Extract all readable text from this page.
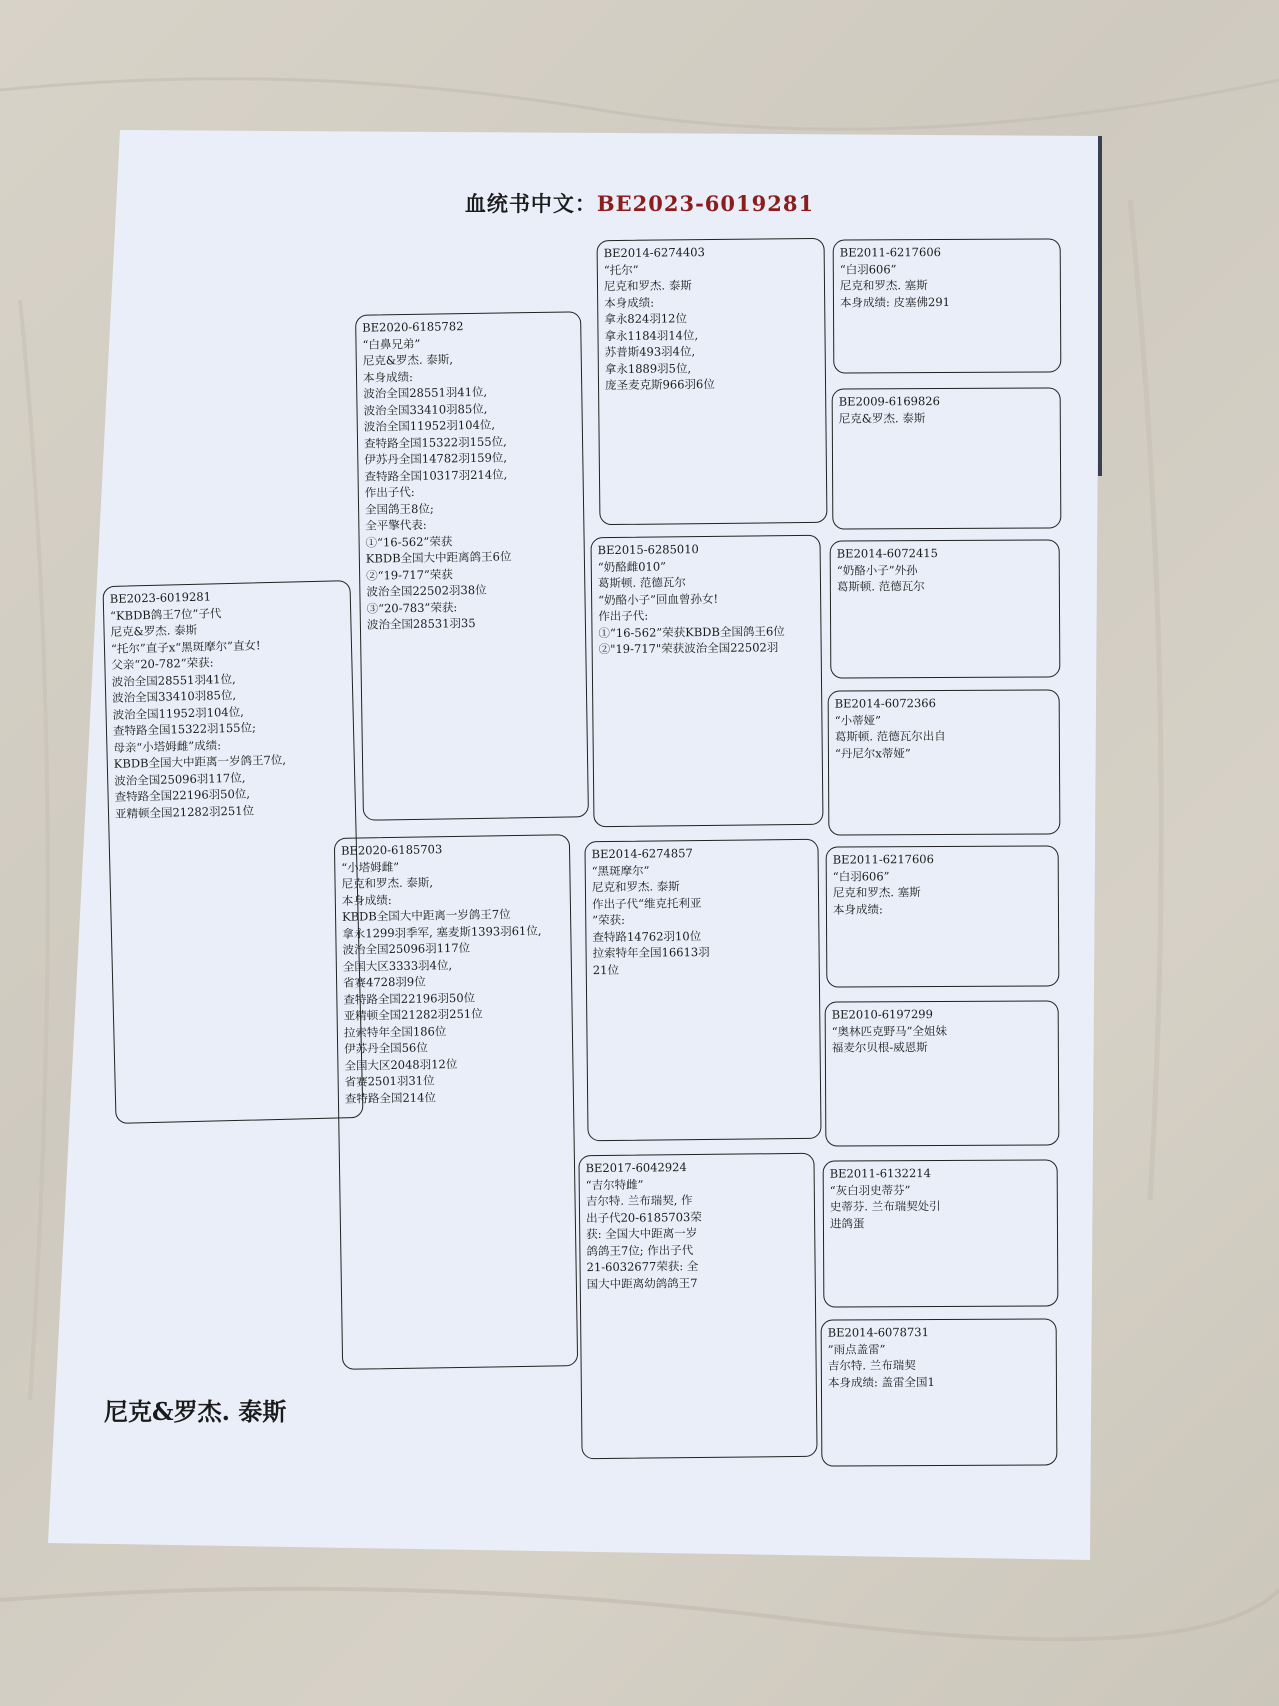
血统书中文：BE2023-6019281
BE2023-6019281
“KBDB鸽王7位”子代
尼克&罗杰. 泰斯
“托尔”直子x“黑斑摩尔”直女!
父亲“20-782”荣获:
波治全国28551羽41位,
波治全国33410羽85位,
波治全国11952羽104位,
查特路全国15322羽155位;
母亲“小塔姆雌”成绩:
KBDB全国大中距离一岁鸽王7位,
波治全国25096羽117位,
查特路全国22196羽50位,
亚精顿全国21282羽251位
BE2020-6185782
“白鼻兄弟”
尼克&罗杰. 泰斯,
本身成绩:
波治全国28551羽41位,
波治全国33410羽85位,
波治全国11952羽104位,
查特路全国15322羽155位,
伊苏丹全国14782羽159位,
查特路全国10317羽214位,
作出子代:
全国鸽王8位;
全平擎代表:
①“16-562”荣获
KBDB全国大中距离鸽王6位
②“19-717”荣获
波治全国22502羽38位
③“20-783”荣获:
波治全国28531羽35
BE2020-6185703
“小塔姆雌”
尼克和罗杰. 泰斯,
本身成绩:
KBDB全国大中距离一岁鸽王7位
拿永1299羽季军, 塞麦斯1393羽61位,
波治全国25096羽117位
全国大区3333羽4位,
省赛4728羽9位
查特路全国22196羽50位
亚精顿全国21282羽251位
拉索特年全国186位
伊苏丹全国56位
全国大区2048羽12位
省赛2501羽31位
查特路全国214位
BE2014-6274403
“托尔”
尼克和罗杰. 泰斯
本身成绩:
拿永824羽12位
拿永1184羽14位,
苏普斯493羽4位,
拿永1889羽5位,
庞圣麦克斯966羽6位
BE2015-6285010
“奶酪雌010”
葛斯顿. 范德瓦尔
“奶酪小子”回血曾孙女!
作出子代:
①“16-562”荣获KBDB全国鸽王6位
②"19-717"荣获波治全国22502羽
BE2014-6274857
“黑斑摩尔”
尼克和罗杰. 泰斯
作出子代“维克托利亚
”荣获:
查特路14762羽10位
拉索特年全国16613羽
21位
BE2017-6042924
“吉尔特雌”
吉尔特. 兰布瑞契, 作
出子代20-6185703荣
获: 全国大中距离一岁
鸽鸽王7位; 作出子代
21-6032677荣获: 全
国大中距离幼鸽鸽王7
BE2011-6217606
“白羽606”
尼克和罗杰. 塞斯
本身成绩: 皮塞佛291
BE2009-6169826
尼克&罗杰. 泰斯
BE2014-6072415
“奶酪小子”外孙
葛斯顿. 范德瓦尔
BE2014-6072366
“小蒂娅”
葛斯顿. 范德瓦尔出自
“丹尼尔x蒂娅”
BE2011-6217606
“白羽606”
尼克和罗杰. 塞斯
本身成绩:
BE2010-6197299
“奥林匹克野马”全姐妹
福麦尔贝根-威恩斯
BE2011-6132214
“灰白羽史蒂芬”
史蒂芬. 兰布瑞契处引
进鸽蛋
BE2014-6078731
”雨点盖雷”
吉尔特. 兰布瑞契
本身成绩: 盖雷全国1
尼克&罗杰. 泰斯
